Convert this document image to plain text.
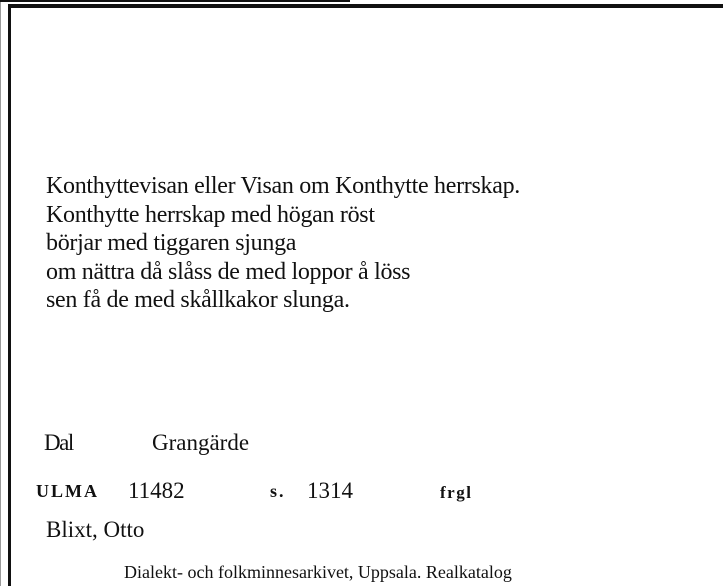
Konthyttevisan eller Visan om Konthytte herrskap.
Konthytte herrskap med högan röst
börjar med tiggaren sjunga
om nättra då slåss de med loppor å löss
sen få de med skållkakor slunga.
Dal	Grangärde
ULMA 11482	s. 1314	frgl
Blixt, Otto
Dialekt- och folkminnesarkivet, Uppsala. Realkatalog
